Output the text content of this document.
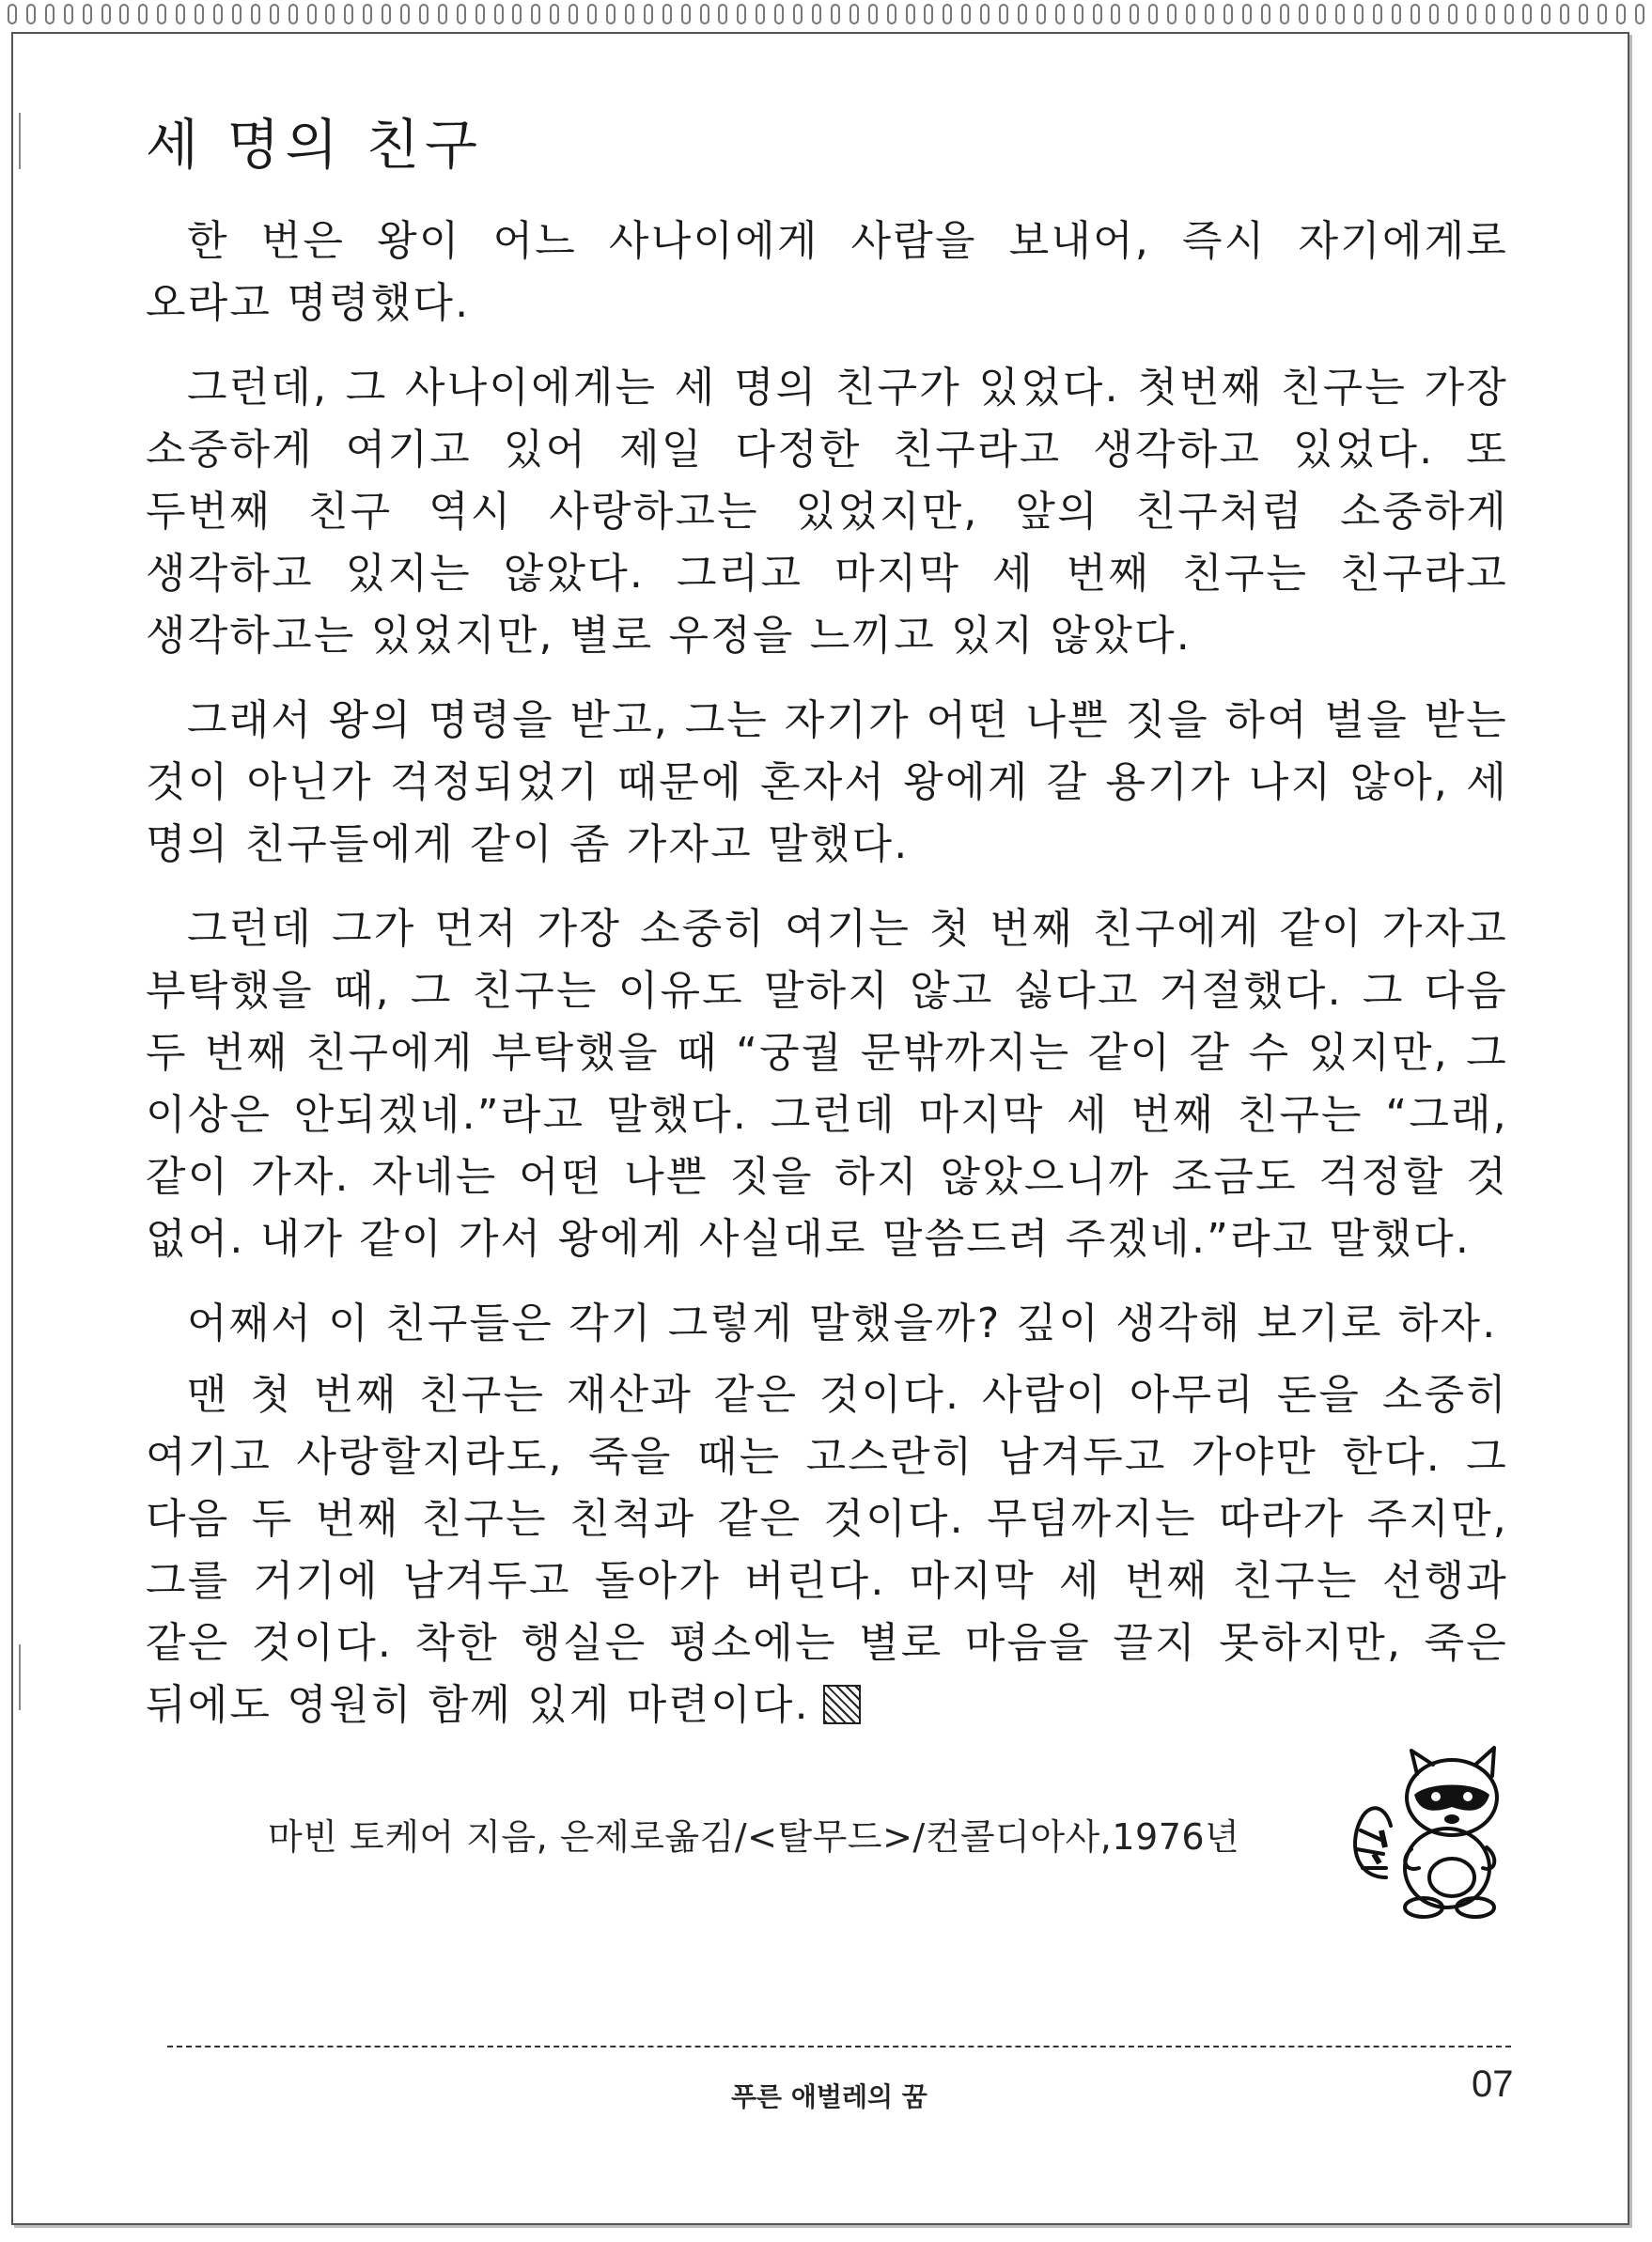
세 명의 친구

한 번은 왕이 어느 사나이에게 사람을 보내어, 즉시 자기에게로 오라고 명령했다.

그런데, 그 사나이에게는 세 명의 친구가 있었다. 첫번째 친구는 가장 소중하게 여기고 있어 제일 다정한 친구라고 생각하고 있었다. 또 두번째 친구 역시 사랑하고는 있었지만, 앞의 친구처럼 소중하게 생각하고 있지는 않았다. 그리고 마지막 세 번째 친구는 친구라고 생각하고는 있었지만, 별로 우정을 느끼고 있지 않았다.

그래서 왕의 명령을 받고, 그는 자기가 어떤 나쁜 짓을 하여 벌을 받는 것이 아닌가 걱정되었기 때문에 혼자서 왕에게 갈 용기가 나지 않아, 세 명의 친구들에게 같이 좀 가자고 말했다.

그런데 그가 먼저 가장 소중히 여기는 첫 번째 친구에게 같이 가자고 부탁했을 때, 그 친구는 이유도 말하지 않고 싫다고 거절했다. 그 다음 두 번째 친구에게 부탁했을 때 “궁궐 문밖까지는 같이 갈 수 있지만, 그 이상은 안되겠네.”라고 말했다. 그런데 마지막 세 번째 친구는 “그래, 같이 가자. 자네는 어떤 나쁜 짓을 하지 않았으니까 조금도 걱정할 것 없어. 내가 같이 가서 왕에게 사실대로 말씀드려 주겠네.”라고 말했다.

어째서 이 친구들은 각기 그렇게 말했을까? 깊이 생각해 보기로 하자.

맨 첫 번째 친구는 재산과 같은 것이다. 사람이 아무리 돈을 소중히 여기고 사랑할지라도, 죽을 때는 고스란히 남겨두고 가야만 한다. 그 다음 두 번째 친구는 친척과 같은 것이다. 무덤까지는 따라가 주지만, 그를 거기에 남겨두고 돌아가 버린다. 마지막 세 번째 친구는 선행과 같은 것이다. 착한 행실은 평소에는 별로 마음을 끌지 못하지만, 죽은 뒤에도 영원히 함께 있게 마련이다.

마빈 토케어 지음, 은제로옮김/<탈무드>/컨콜디아사,1976년
푸른 애벌레의 꿈	07
